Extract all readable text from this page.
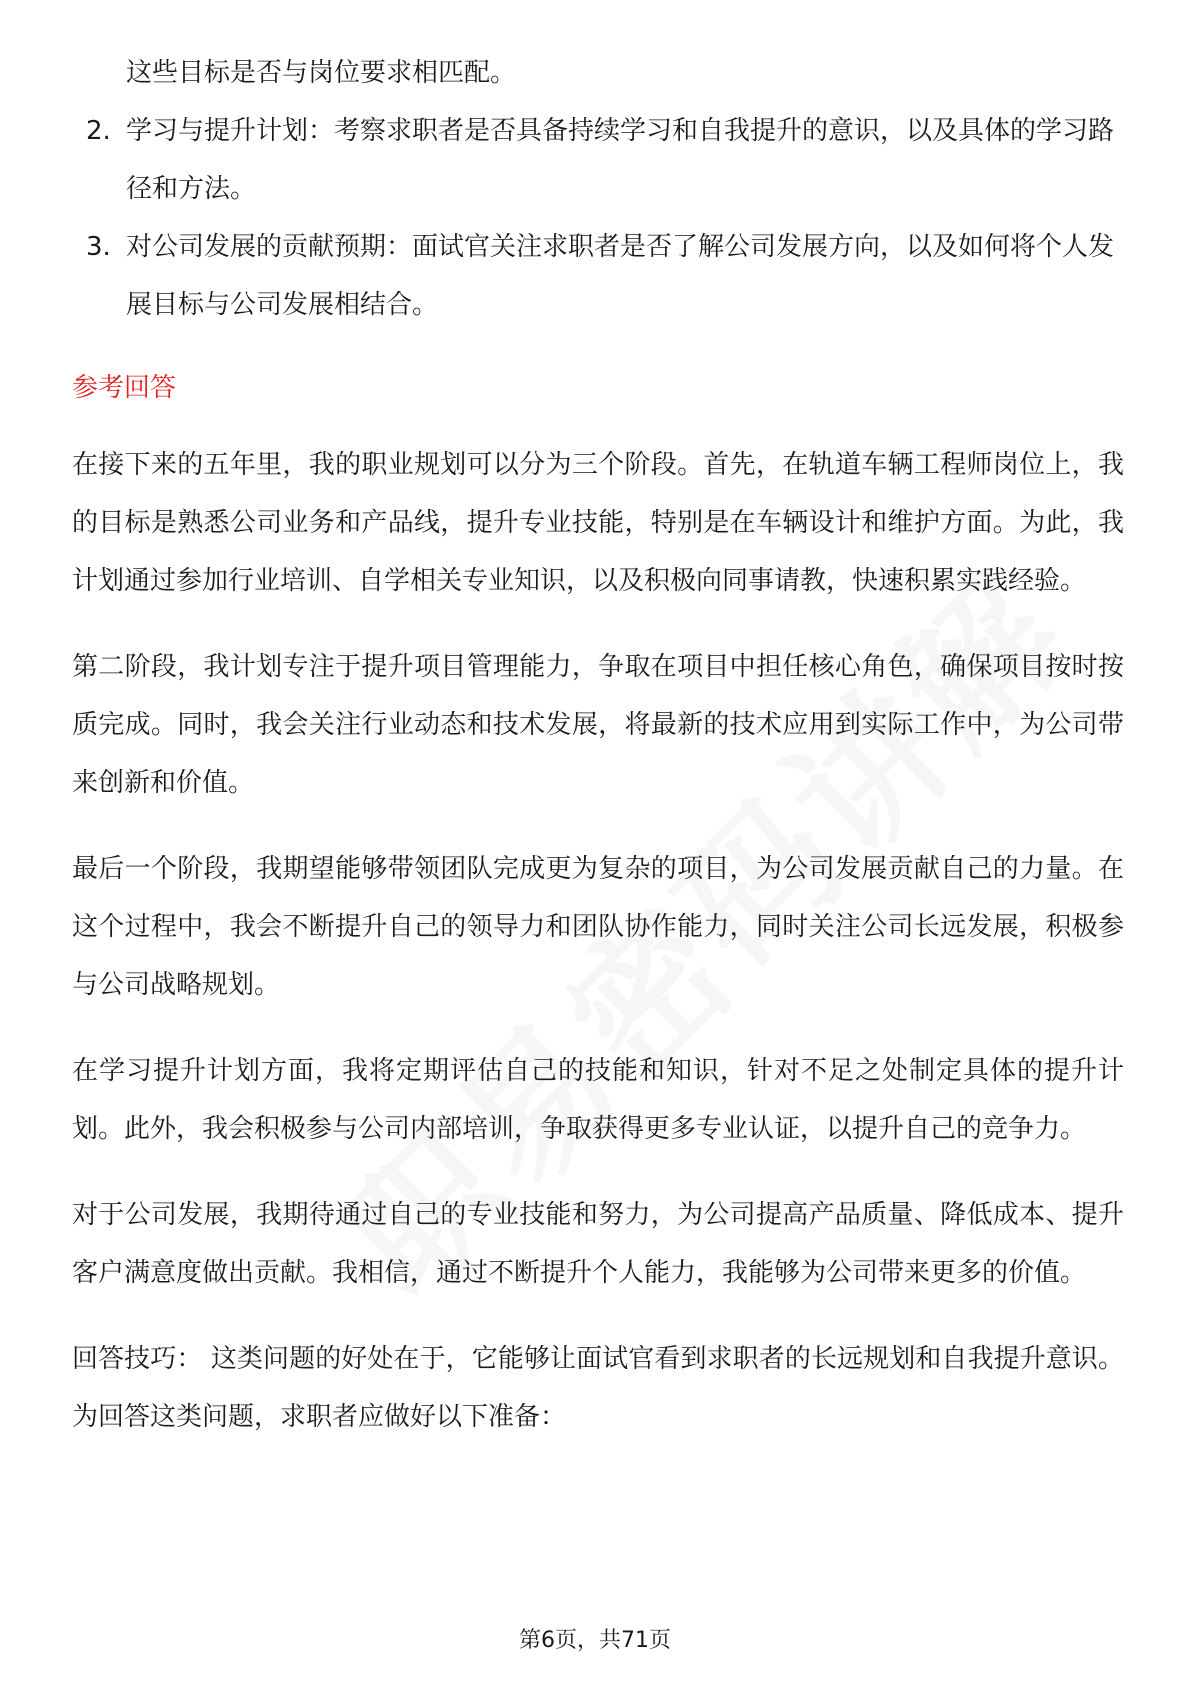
这些目标是否与岗位要求相匹配。

2. 学习与提升计划：考察求职者是否具备持续学习和自我提升的意识，以及具体的学习路径和方法。
3. 对公司发展的贡献预期：面试官关注求职者是否了解公司发展方向，以及如何将个人发展目标与公司发展相结合。
参考回答

在接下来的五年里，我的职业规划可以分为三个阶段。首先，在轨道车辆工程师岗位上，我的目标是熟悉公司业务和产品线，提升专业技能，特别是在车辆设计和维护方面。为此，我计划通过参加行业培训、自学相关专业知识，以及积极向同事请教，快速积累实践经验。

第二阶段，我计划专注于提升项目管理能力，争取在项目中担任核心角色，确保项目按时按质完成。同时，我会关注行业动态和技术发展，将最新的技术应用到实际工作中，为公司带来创新和价值。

最后一个阶段，我期望能够带领团队完成更为复杂的项目，为公司发展贡献自己的力量。在这个过程中，我会不断提升自己的领导力和团队协作能力，同时关注公司长远发展，积极参与公司战略规划。

在学习提升计划方面，我将定期评估自己的技能和知识，针对不足之处制定具体的提升计划。此外，我会积极参与公司内部培训，争取获得更多专业认证，以提升自己的竞争力。

对于公司发展，我期待通过自己的专业技能和努力，为公司提高产品质量、降低成本、提升客户满意度做出贡献。我相信，通过不断提升个人能力，我能够为公司带来更多的价值。

回答技巧： 这类问题的好处在于，它能够让面试官看到求职者的长远规划和自我提升意识。为回答这类问题，求职者应做好以下准备：

第6页，共71页
